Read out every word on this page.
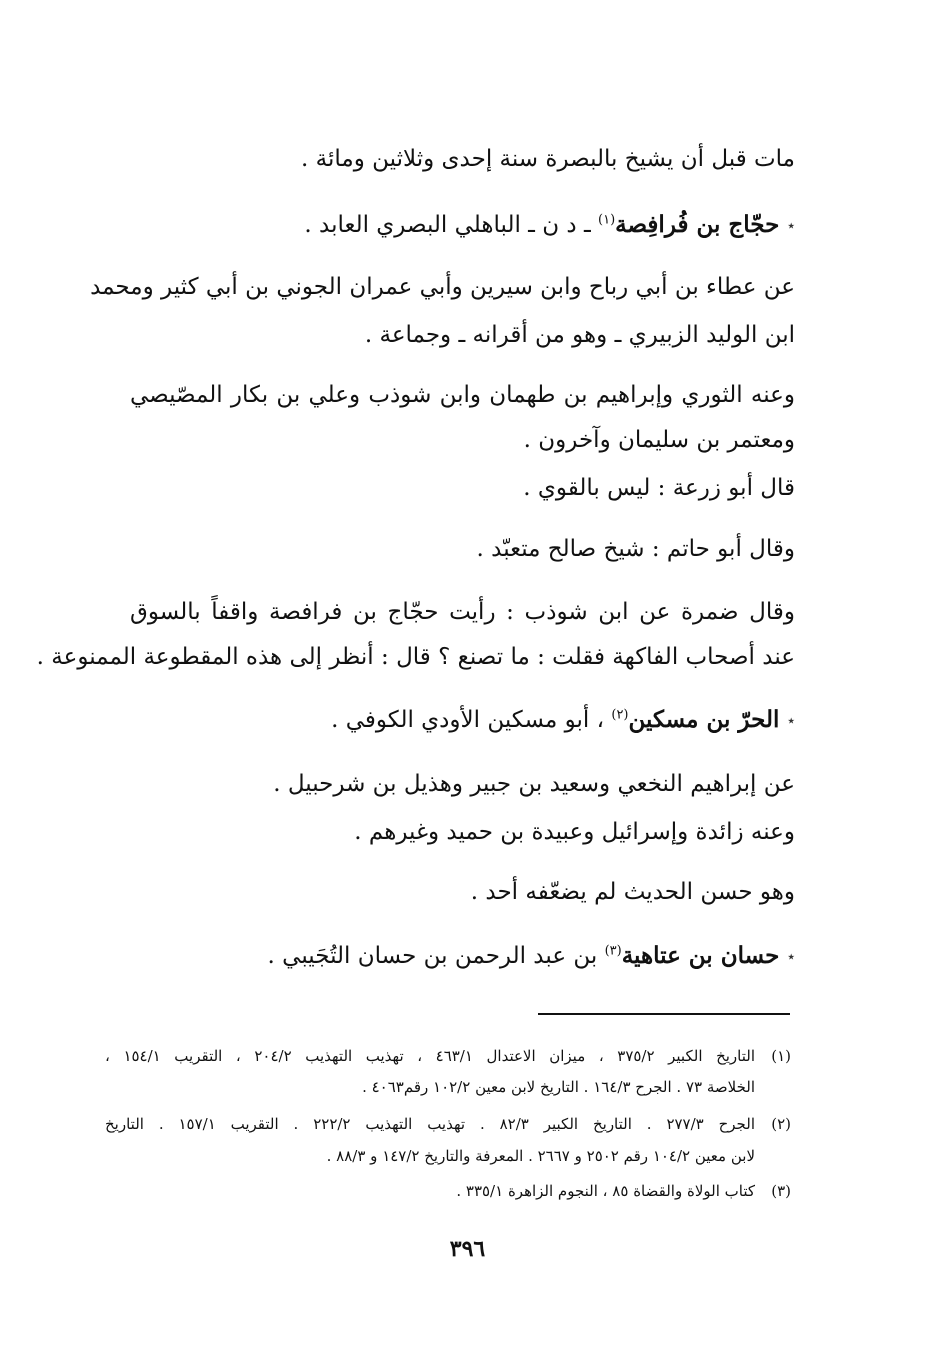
مات قبل أن يشيخ بالبصرة سنة إحدى وثلاثين ومائة .
٭حجّاج بن فُرافِصة$^{(١)}$ ـ د ن ـ الباهلي البصري العابد .
عن عطاء بن أبي رباح وابن سيرين وأبي عمران الجوني بن أبي كثير ومحمد
ابن الوليد الزبيري ـ وهو من أقرانه ـ وجماعة .
وعنه الثوري وإبراهيم بن طهمان وابن شوذب وعلي بن بكار المصّيصي
ومعتمر بن سليمان وآخرون .
قال أبو زرعة : ليس بالقوي .
وقال أبو حاتم : شيخ صالح متعبّد .
وقال ضمرة عن ابن شوذب : رأيت حجّاج بن فرافصة واقفاً بالسوق
عند أصحاب الفاكهة فقلت : ما تصنع ؟ قال : أنظر إلى هذه المقطوعة الممنوعة .
٭الحرّ بن مسكين$^{(٢)}$ ، أبو مسكين الأودي الكوفي .
عن إبراهيم النخعي وسعيد بن جبير وهذيل بن شرحبيل .
وعنه زائدة وإسرائيل وعبيدة بن حميد وغيرهم .
وهو حسن الحديث لم يضعّفه أحد .
٭حسان بن عتاهية$^{(٣)}$ بن عبد الرحمن بن حسان التُجَيبي .
(١)
التاريخ الكبير ٣٧٥/٢ ، ميزان الاعتدال ٤٦٣/١ ، تهذيب التهذيب ٢٠٤/٢ ، التقريب ١٥٤/١ ،
الخلاصة ٧٣ . الجرح ١٦٤/٣ . التاريخ لابن معين ١٠٢/٢ رقم٤٠٦٣ .
(٢)
الجرح ٢٧٧/٣ . التاريخ الكبير ٨٢/٣ . تهذيب التهذيب ٢٢٢/٢ . التقريب ١٥٧/١ . التاريخ
لابن معين ١٠٤/٢ رقم ٢٥٠٢ و ٢٦٦٧ . المعرفة والتاريخ ١٤٧/٢ و ٨٨/٣ .
(٣)
كتاب الولاة والقضاة ٨٥ ، النجوم الزاهرة ٣٣٥/١ .
٣٩٦
